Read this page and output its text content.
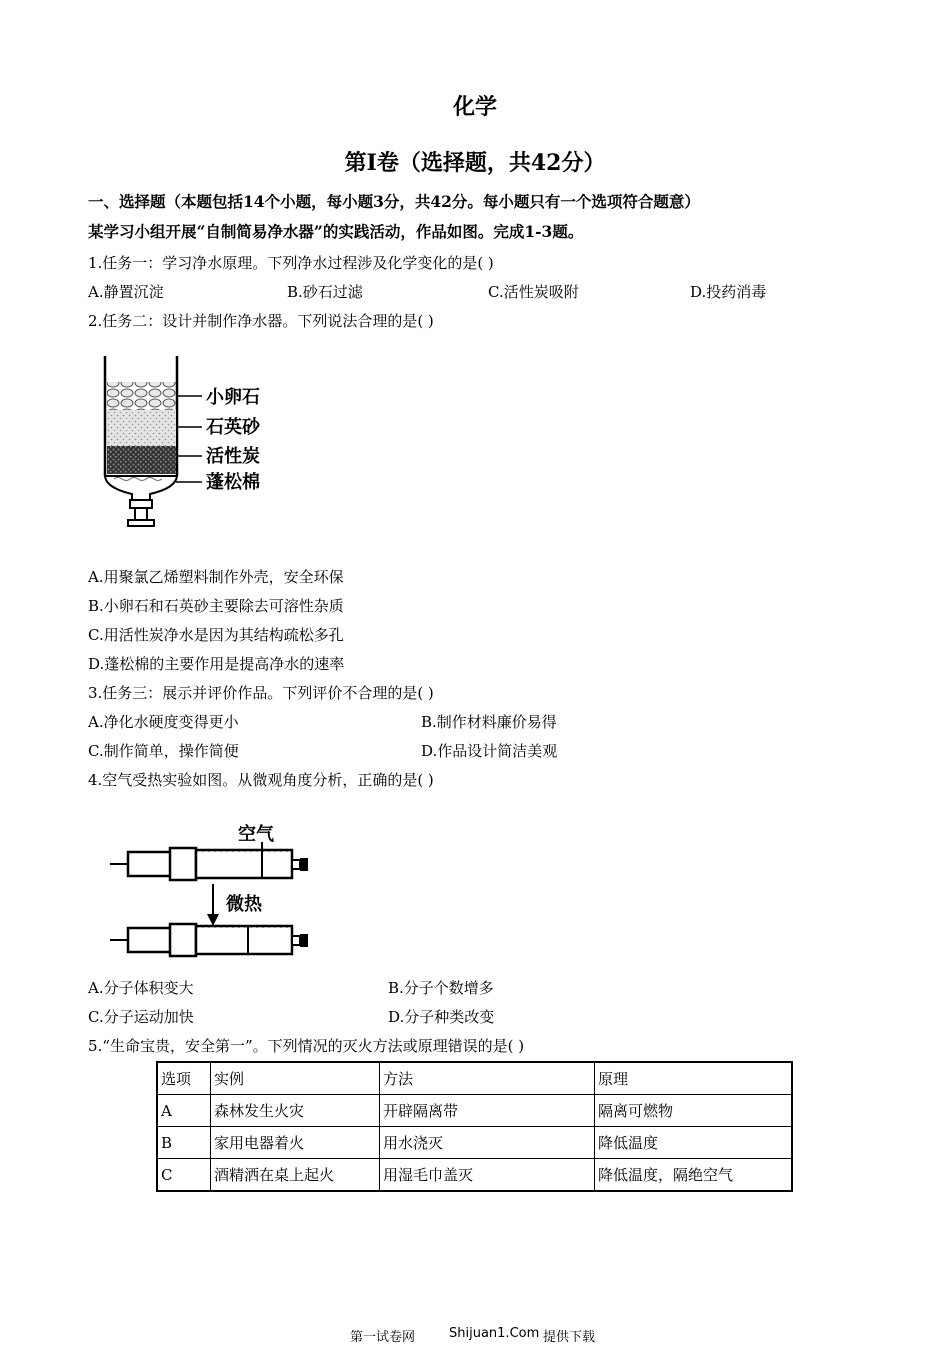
化学
第I卷（选择题，共42分）
一、选择题（本题包括14个小题，每小题3分，共42分。每小题只有一个选项符合题意）
某学习小组开展“自制简易净水器”的实践活动，作品如图。完成1-3题。
1.任务一：学习净水原理。下列净水过程涉及化学变化的是( )
A.静置沉淀	B.砂石过滤	C.活性炭吸附	D.投药消毒
2.任务二：设计并制作净水器。下列说法合理的是( )
小卵石
石英砂
活性炭
蓬松棉
A.用聚氯乙烯塑料制作外壳，安全环保
B.小卵石和石英砂主要除去可溶性杂质
C.用活性炭净水是因为其结构疏松多孔
D.蓬松棉的主要作用是提高净水的速率
3.任务三：展示并评价作品。下列评价不合理的是( )
A.净化水硬度变得更小	B.制作材料廉价易得
C.制作简单，操作简便	D.作品设计简洁美观
4.空气受热实验如图。从微观角度分析，正确的是( )
空气
微热
A.分子体积变大	B.分子个数增多
C.分子运动加快	D.分子种类改变
5.“生命宝贵，安全第一”。下列情况的灭火方法或原理错误的是( )
选项	实例	方法	原理
A	森林发生火灾	开辟隔离带	隔离可燃物
B	家用电器着火	用水浇灭	降低温度
C	酒精洒在桌上起火	用湿毛巾盖灭	降低温度，隔绝空气
第一试卷网	Shijuan1.Com 提供下载
